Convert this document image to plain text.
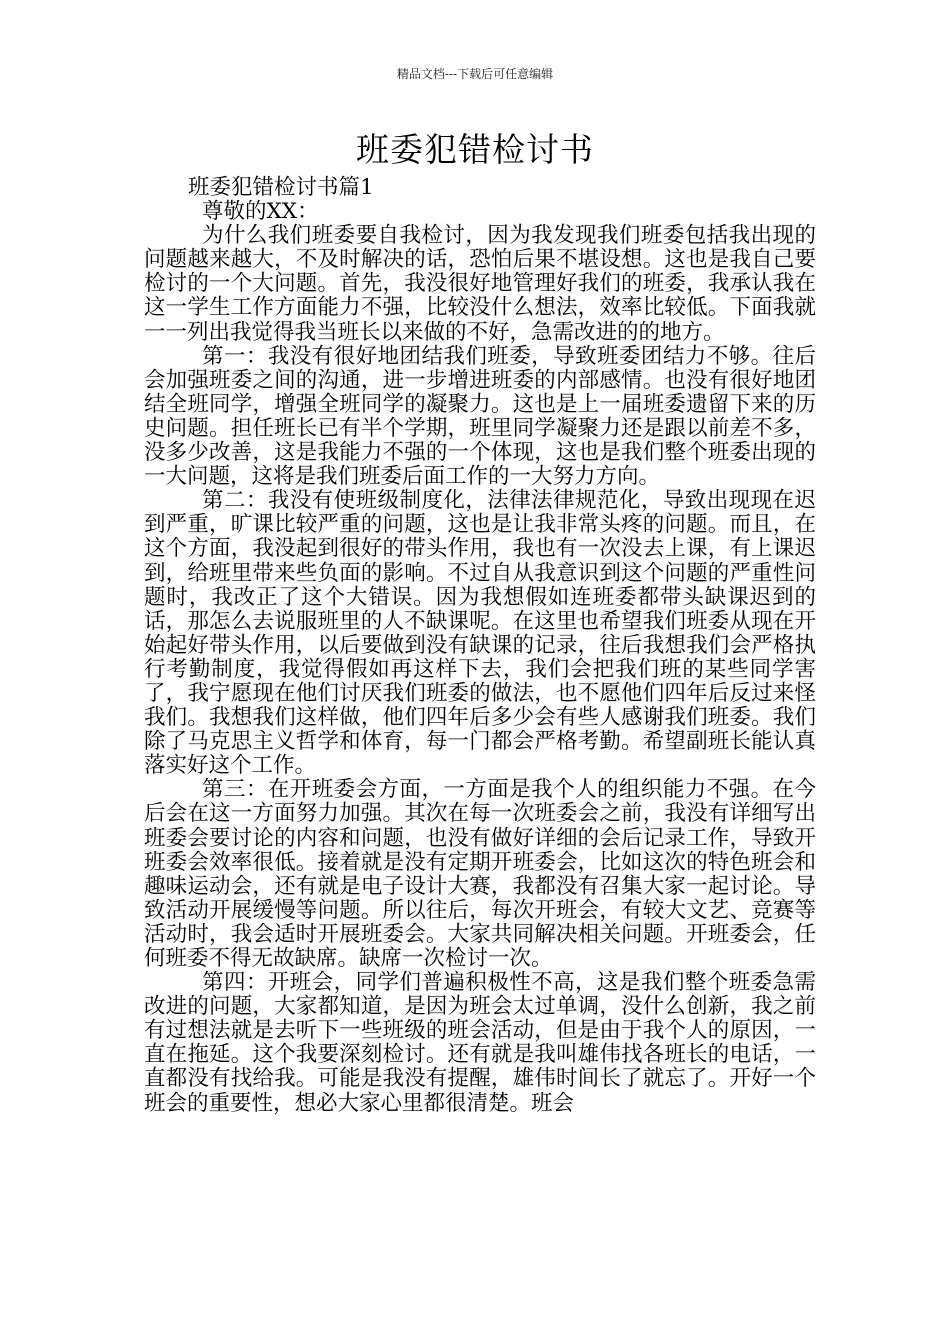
精品文档---下载后可任意编辑
班委犯错检讨书

班委犯错检讨书篇1

尊敬的XX：

为什么我们班委要自我检讨，因为我发现我们班委包括我出现的问题越来越大，不及时解决的话，恐怕后果不堪设想。这也是我自己要检讨的一个大问题。首先，我没很好地管理好我们的班委，我承认我在这一学生工作方面能力不强，比较没什么想法，效率比较低。下面我就一一列出我觉得我当班长以来做的不好，急需改进的的地方。

第一：我没有很好地团结我们班委，导致班委团结力不够。往后会加强班委之间的沟通，进一步增进班委的内部感情。也没有很好地团结全班同学，增强全班同学的凝聚力。这也是上一届班委遗留下来的历史问题。担任班长已有半个学期，班里同学凝聚力还是跟以前差不多，没多少改善，这是我能力不强的一个体现，这也是我们整个班委出现的一大问题，这将是我们班委后面工作的一大努力方向。

第二：我没有使班级制度化，法律法律规范化，导致出现现在迟到严重，旷课比较严重的问题，这也是让我非常头疼的问题。而且，在这个方面，我没起到很好的带头作用，我也有一次没去上课，有上课迟到，给班里带来些负面的影响。不过自从我意识到这个问题的严重性问题时，我改正了这个大错误。因为我想假如连班委都带头缺课迟到的话，那怎么去说服班里的人不缺课呢。在这里也希望我们班委从现在开始起好带头作用，以后要做到没有缺课的记录，往后我想我们会严格执行考勤制度，我觉得假如再这样下去，我们会把我们班的某些同学害了，我宁愿现在他们讨厌我们班委的做法，也不愿他们四年后反过来怪我们。我想我们这样做，他们四年后多少会有些人感谢我们班委。我们除了马克思主义哲学和体育，每一门都会严格考勤。希望副班长能认真落实好这个工作。

第三：在开班委会方面，一方面是我个人的组织能力不强。在今后会在这一方面努力加强。其次在每一次班委会之前，我没有详细写出班委会要讨论的内容和问题，也没有做好详细的会后记录工作，导致开班委会效率很低。接着就是没有定期开班委会，比如这次的特色班会和趣味运动会，还有就是电子设计大赛，我都没有召集大家一起讨论。导致活动开展缓慢等问题。所以往后，每次开班会，有较大文艺、竞赛等活动时，我会适时开展班委会。大家共同解决相关问题。开班委会，任何班委不得无故缺席。缺席一次检讨一次。

第四：开班会，同学们普遍积极性不高，这是我们整个班委急需改进的问题，大家都知道，是因为班会太过单调，没什么创新，我之前有过想法就是去听下一些班级的班会活动，但是由于我个人的原因，一直在拖延。这个我要深刻检讨。还有就是我叫雄伟找各班长的电话，一直都没有找给我。可能是我没有提醒，雄伟时间长了就忘了。开好一个班会的重要性，想必大家心里都很清楚。班会
